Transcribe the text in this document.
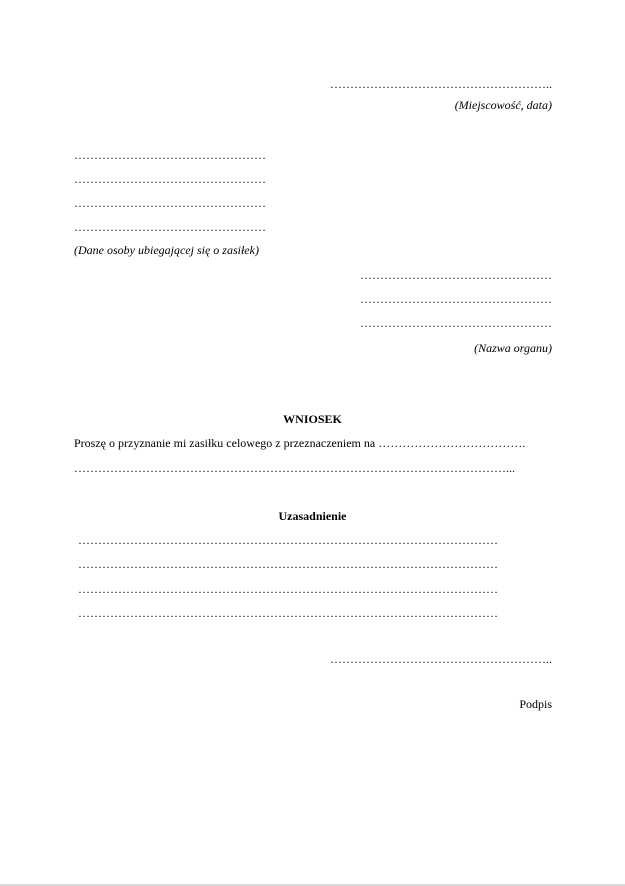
………………………………………………..
(Miejscowość, data)
…………………………………………
…………………………………………
…………………………………………
…………………………………………
(Dane osoby ubiegającej się o zasiłek)
…………………………………………
…………………………………………
…………………………………………
(Nazwa organu)
WNIOSEK
Proszę o przyznanie mi zasiłku celowego z przeznaczeniem na ……………………………….
………………………………………………………………………………………………...
Uzasadnienie
……………………………………………………………………………………………
……………………………………………………………………………………………
……………………………………………………………………………………………
……………………………………………………………………………………………
………………………………………………..
Podpis
